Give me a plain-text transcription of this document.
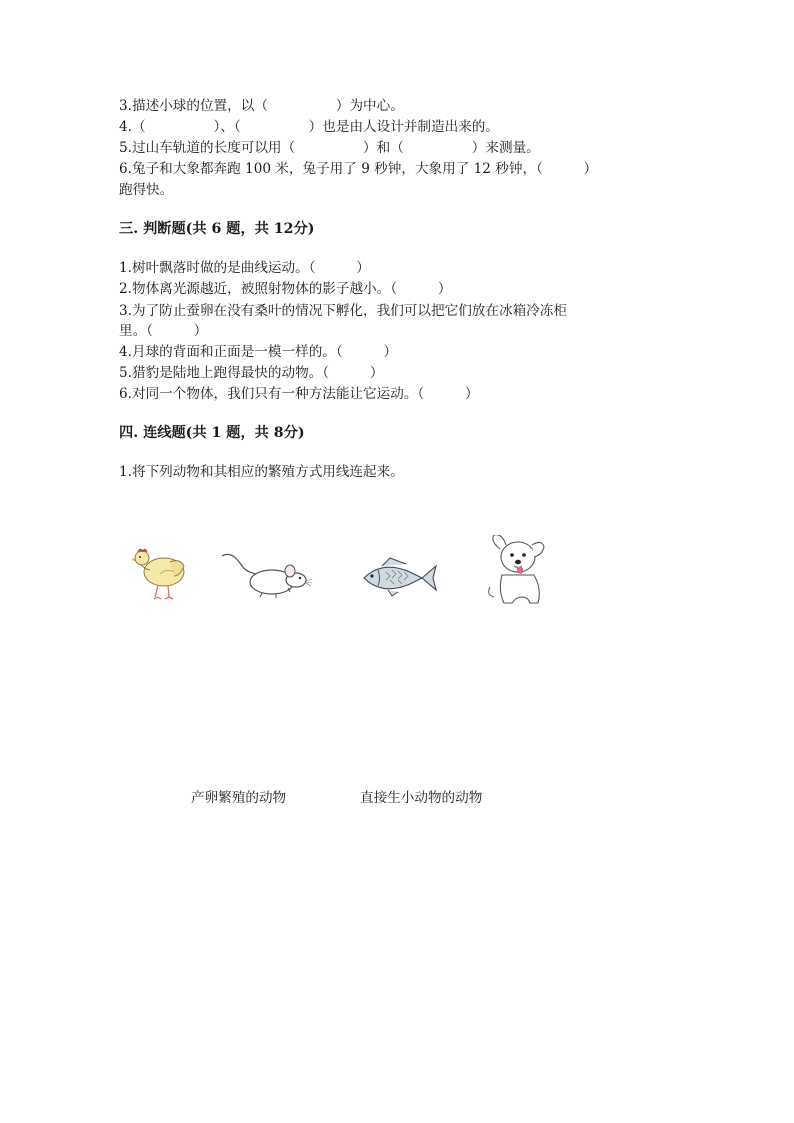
3.描述小球的位置，以（　　　　　）为中心。
4.（　　　　　）、（　　　　　）也是由人设计并制造出来的。
5.过山车轨道的长度可以用（　　　　　）和（　　　　　）来测量。
6.兔子和大象都奔跑 100 米，兔子用了 9 秒钟，大象用了 12 秒钟，（　　　）
跑得快。
三. 判断题(共 6 题，共 12分)
1.树叶飘落时做的是曲线运动。（　　　）
2.物体离光源越近，被照射物体的影子越小。（　　　）
3.为了防止蚕卵在没有桑叶的情况下孵化，我们可以把它们放在冰箱冷冻柜
里。（　　　）
4.月球的背面和正面是一模一样的。（　　　）
5.猎豹是陆地上跑得最快的动物。（　　　）
6.对同一个物体，我们只有一种方法能让它运动。（　　　）
四. 连线题(共 1 题，共 8分)
1.将下列动物和其相应的繁殖方式用线连起来。
产卵繁殖的动物	直接生小动物的动物
